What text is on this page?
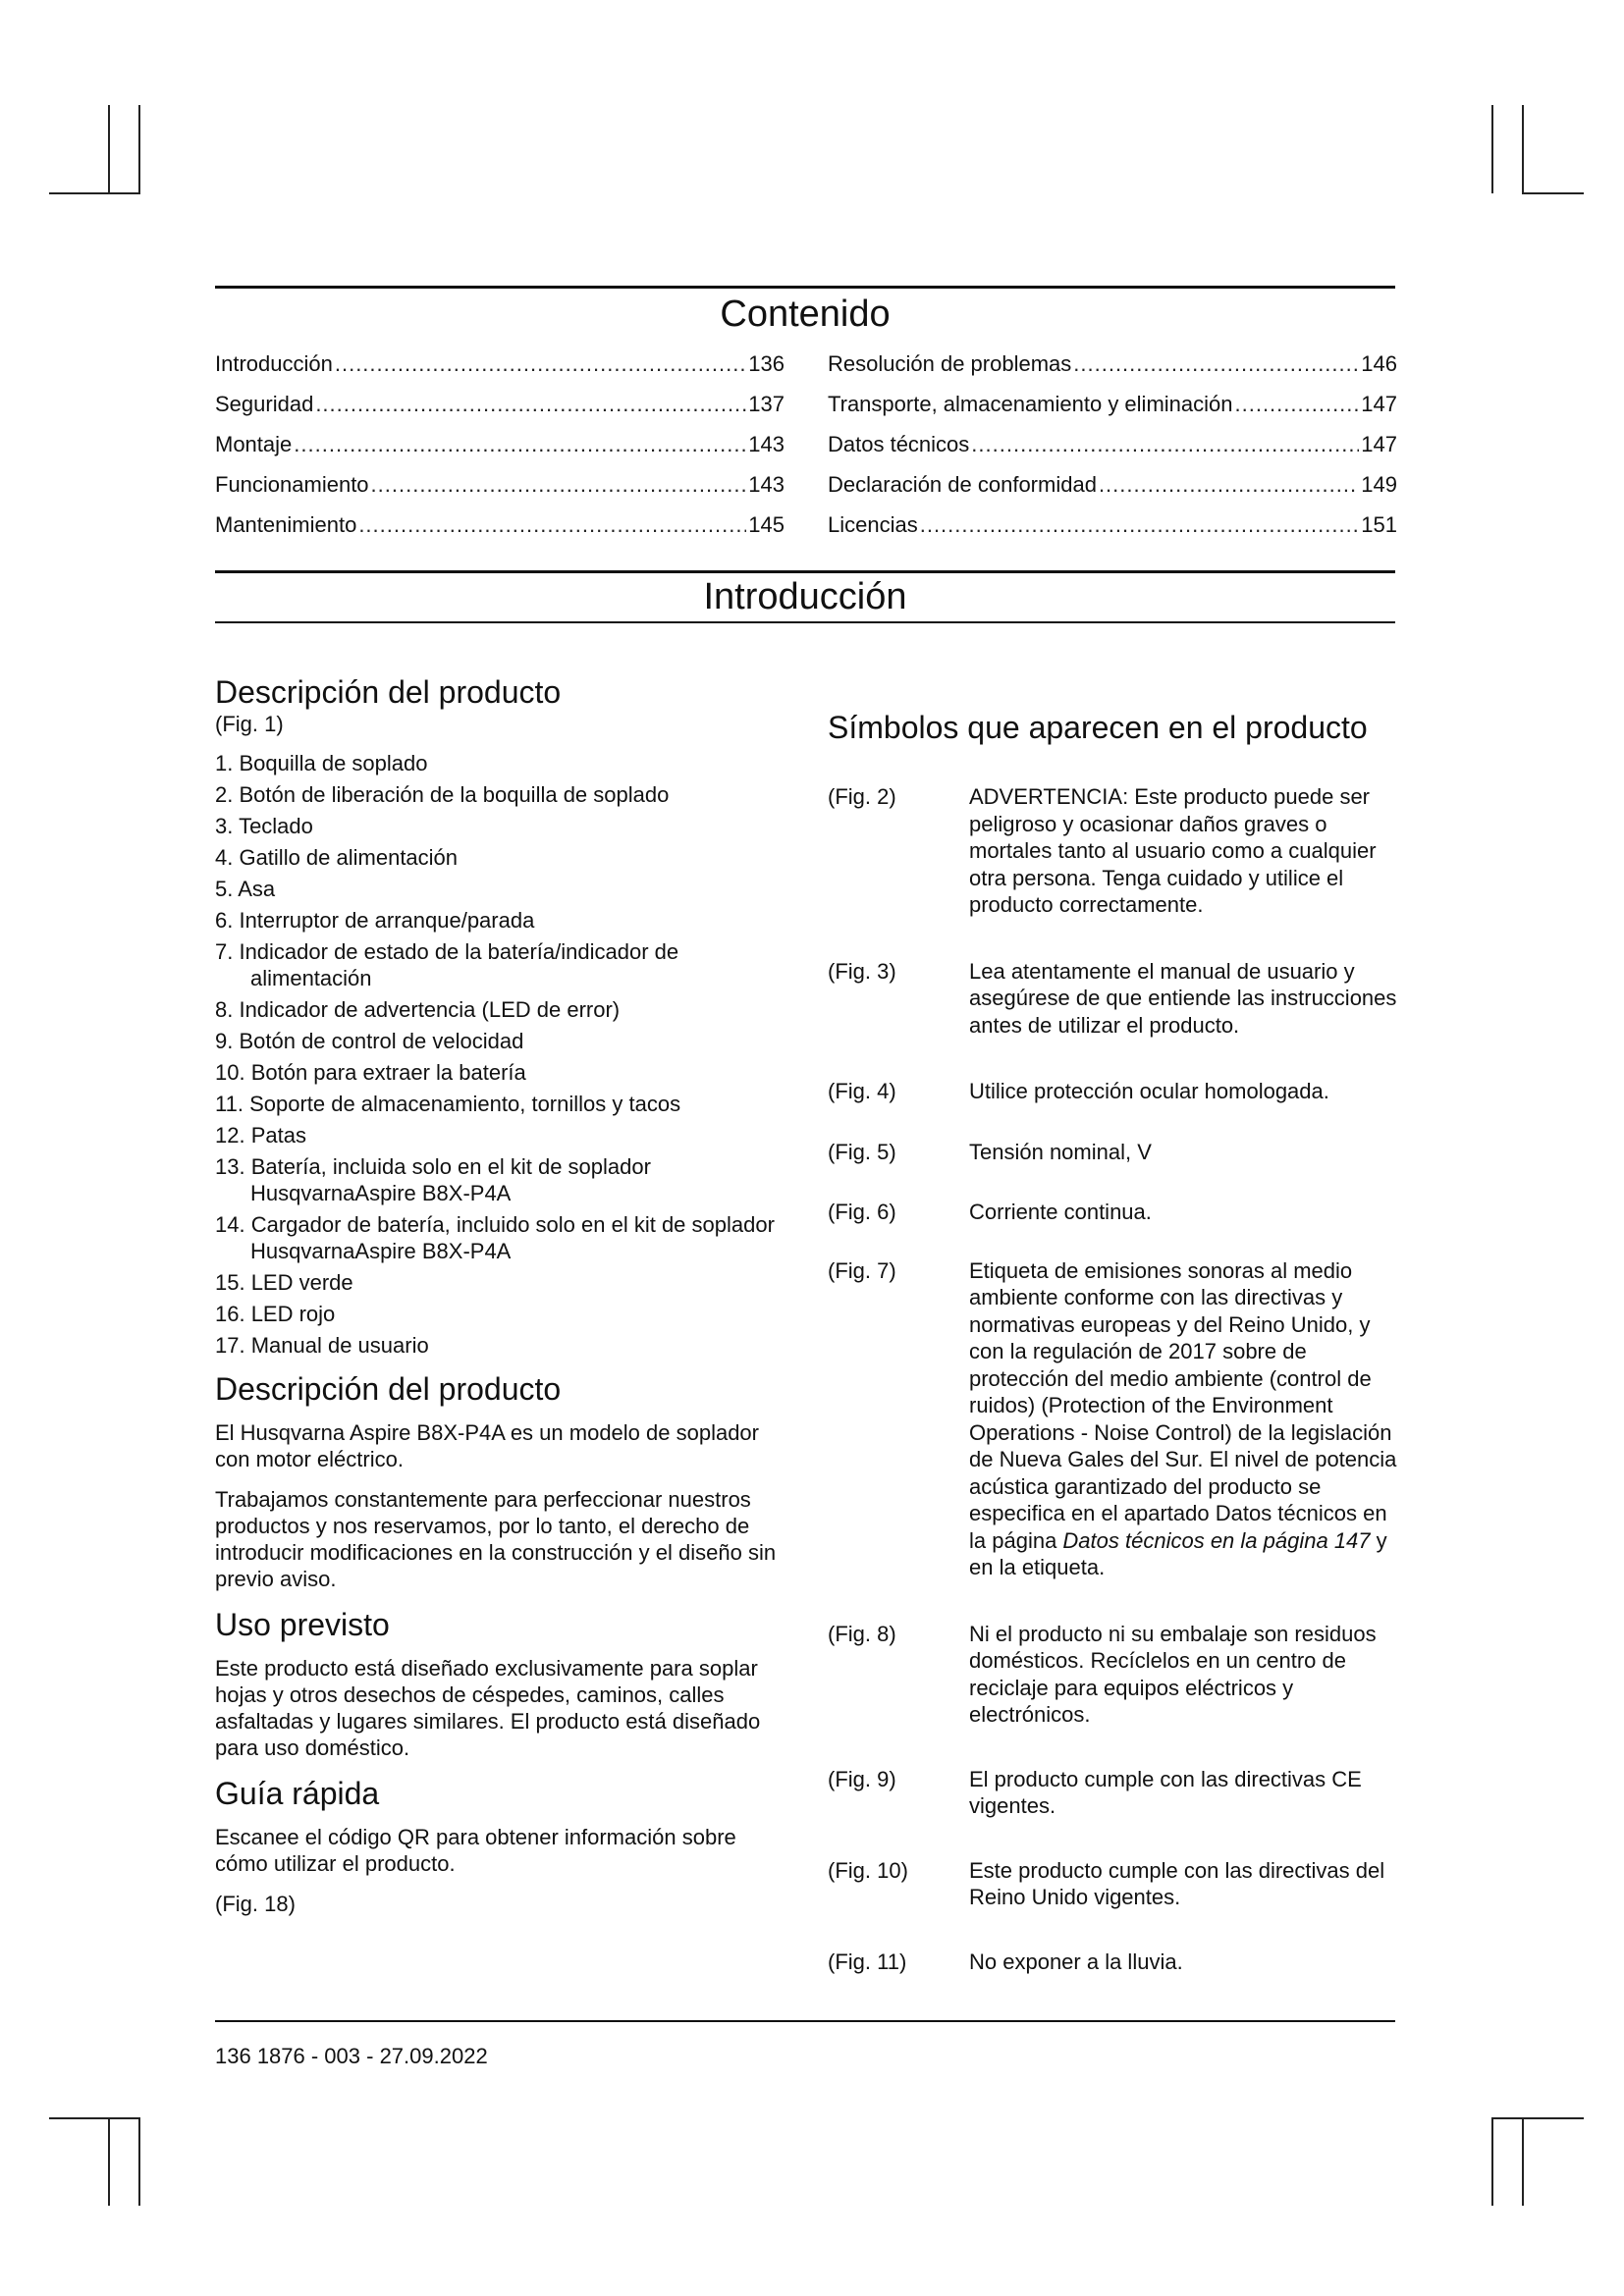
Contenido
Introducción .....	136
Seguridad .....	137
Montaje .....	143
Funcionamiento .....	143
Mantenimiento .....	145
Resolución de problemas .....	146
Transporte, almacenamiento y eliminación .....	147
Datos técnicos .....	147
Declaración de conformidad .....	149
Licencias .....	151
Introducción
Descripción del producto
(Fig. 1)
1. Boquilla de soplado
2. Botón de liberación de la boquilla de soplado
3. Teclado
4. Gatillo de alimentación
5. Asa
6. Interruptor de arranque/parada
7. Indicador de estado de la batería/indicador de alimentación
8. Indicador de advertencia (LED de error)
9. Botón de control de velocidad
10. Botón para extraer la batería
11. Soporte de almacenamiento, tornillos y tacos
12. Patas
13. Batería, incluida solo en el kit de soplador HusqvarnaAspire B8X-P4A
14. Cargador de batería, incluido solo en el kit de soplador HusqvarnaAspire B8X-P4A
15. LED verde
16. LED rojo
17. Manual de usuario
Descripción del producto

El Husqvarna Aspire B8X-P4A es un modelo de soplador con motor eléctrico.

Trabajamos constantemente para perfeccionar nuestros productos y nos reservamos, por lo tanto, el derecho de introducir modificaciones en la construcción y el diseño sin previo aviso.

Uso previsto

Este producto está diseñado exclusivamente para soplar hojas y otros desechos de céspedes, caminos, calles asfaltadas y lugares similares. El producto está diseñado para uso doméstico.

Guía rápida

Escanee el código QR para obtener información sobre cómo utilizar el producto.

(Fig. 18)

Símbolos que aparecen en el producto
(Fig. 2)	ADVERTENCIA: Este producto puede ser peligroso y ocasionar daños graves o mortales tanto al usuario como a cualquier otra persona. Tenga cuidado y utilice el producto correctamente.
(Fig. 3)	Lea atentamente el manual de usuario y asegúrese de que entiende las instrucciones antes de utilizar el producto.
(Fig. 4)	Utilice protección ocular homologada.
(Fig. 5)	Tensión nominal, V
(Fig. 6)	Corriente continua.
(Fig. 7)	Etiqueta de emisiones sonoras al medio ambiente conforme con las directivas y normativas europeas y del Reino Unido, y con la regulación de 2017 sobre de protección del medio ambiente (control de ruidos) (Protection of the Environment Operations - Noise Control) de la legislación de Nueva Gales del Sur. El nivel de potencia acústica garantizado del producto se especifica en el apartado Datos técnicos en la página Datos técnicos en la página 147 y en la etiqueta.
(Fig. 8)	Ni el producto ni su embalaje son residuos domésticos. Recíclelos en un centro de reciclaje para equipos eléctricos y electrónicos.
(Fig. 9)	El producto cumple con las directivas CE vigentes.
(Fig. 10)	Este producto cumple con las directivas del Reino Unido vigentes.
(Fig. 11)	No exponer a la lluvia.
136 1876 - 003 - 27.09.2022
